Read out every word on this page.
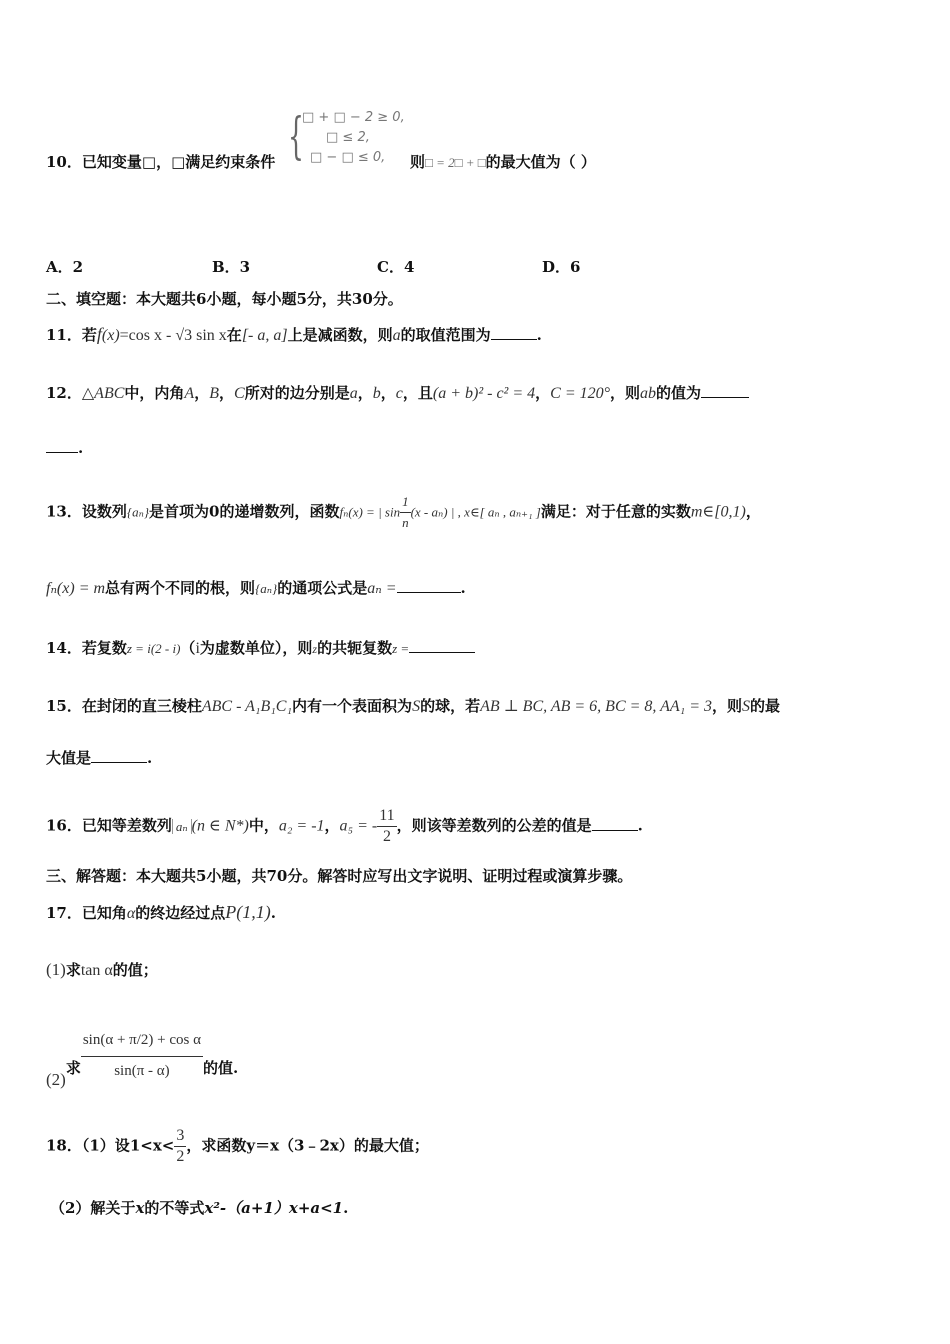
{
□ + □ − 2 ≥ 0,
□ ≤ 2,
□ − □ ≤ 0,
10．已知变量□，□满足约束条件	则□ = 2□ + □的最大值为（ ）
A．2	B．3	C．4	D．6
二、填空题：本大题共6小题，每小题5分，共30分。
11．若f(x)=cos x - √3 sin x在[- a, a]上是减函数，则a的取值范围为	.
12．△ABC中，内角A，B，C所对的边分别是a，b，c，且(a + b)² - c² = 4，C = 120°，则ab的值为
.
13．设数列{aₙ}是首项为0的递增数列，函数fₙ(x) = | $\sin \frac{1}{n} (x - a_n)$ | , x∈[ aₙ , aₙ₊₁ ]满足：对于任意的实数m∈[0,1)，
fₙ(x) = m总有两个不同的根，则{aₙ}的通项公式是aₙ =	.
14．若复数z = i(2 - i)（i为虚数单位），则z的共轭复数z =
15．在封闭的直三棱柱ABC - A₁B₁C₁内有一个表面积为S的球，若AB ⊥ BC, AB = 6, BC = 8, AA₁ = 3，则S的最
大值是	.
16．已知等差数列 aₙ (n ∈ N*)中，a₂ = -1，a₅ = - $\frac{11}{2}$ ，则该等差数列的公差的值是	.
三、解答题：本大题共5小题，共70分。解答时应写出文字说明、证明过程或演算步骤。
17．已知角α的终边经过点P(1,1).
(1)求tan α的值；
(2)求 $\frac{\text{sin(α + π/2) + cos α}}{\sin(\pi - \alpha)}$ 的值.
18．（1）设$1<x< \frac{3}{2}$ ，求函数y＝x（3﹣2x）的最大值；
（2）解关于x的不等式x²-（a+1）x+a<1.
